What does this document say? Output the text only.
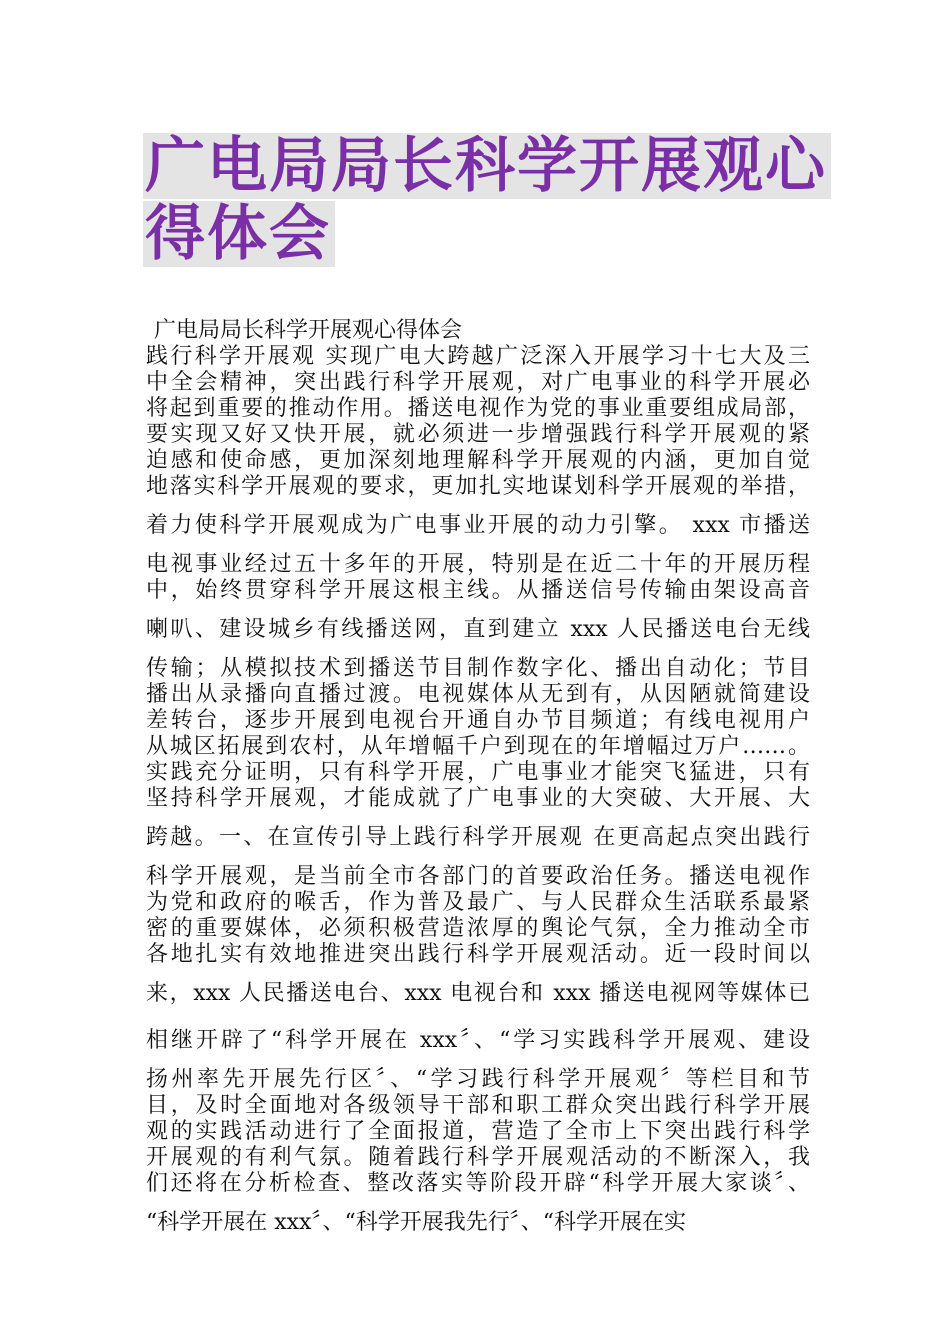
广电局局长科学开展观心
得体会
广电局局长科学开展观心得体会
践行科学开展观 实现广电大跨越广泛深入开展学习十七大及三
中全会精神，突出践行科学开展观，对广电事业的科学开展必
将起到重要的推动作用。播送电视作为党的事业重要组成局部，
要实现又好又快开展，就必须进一步增强践行科学开展观的紧
迫感和使命感，更加深刻地理解科学开展观的内涵，更加自觉
地落实科学开展观的要求，更加扎实地谋划科学开展观的举措，
着力使科学开展观成为广电事业开展的动力引擎。 xxx 市播送
电视事业经过五十多年的开展，特别是在近二十年的开展历程
中，始终贯穿科学开展这根主线。从播送信号传输由架设高音
喇叭、建设城乡有线播送网，直到建立 xxx 人民播送电台无线
传输；从模拟技术到播送节目制作数字化、播出自动化；节目
播出从录播向直播过渡。电视媒体从无到有，从因陋就简建设
差转台，逐步开展到电视台开通自办节目频道；有线电视用户
从城区拓展到农村，从年增幅千户到现在的年增幅过万户……。
实践充分证明，只有科学开展，广电事业才能突飞猛进，只有
坚持科学开展观，才能成就了广电事业的大突破、大开展、大
跨越。一、在宣传引导上践行科学开展观 在更高起点突出践行
科学开展观，是当前全市各部门的首要政治任务。播送电视作
为党和政府的喉舌，作为普及最广、与人民群众生活联系最紧
密的重要媒体，必须积极营造浓厚的舆论气氛，全力推动全市
各地扎实有效地推进突出践行科学开展观活动。近一段时间以
来，xxx 人民播送电台、xxx 电视台和 xxx 播送电视网等媒体已
相继开辟了“科学开展在 xxx〞、“学习实践科学开展观、建设
扬州率先开展先行区〞、“学习践行科学开展观〞等栏目和节
目，及时全面地对各级领导干部和职工群众突出践行科学开展
观的实践活动进行了全面报道，营造了全市上下突出践行科学
开展观的有利气氛。随着践行科学开展观活动的不断深入，我
们还将在分析检查、整改落实等阶段开辟“科学开展大家谈〞、
“科学开展在 xxx〞、“科学开展我先行〞、“科学开展在实
